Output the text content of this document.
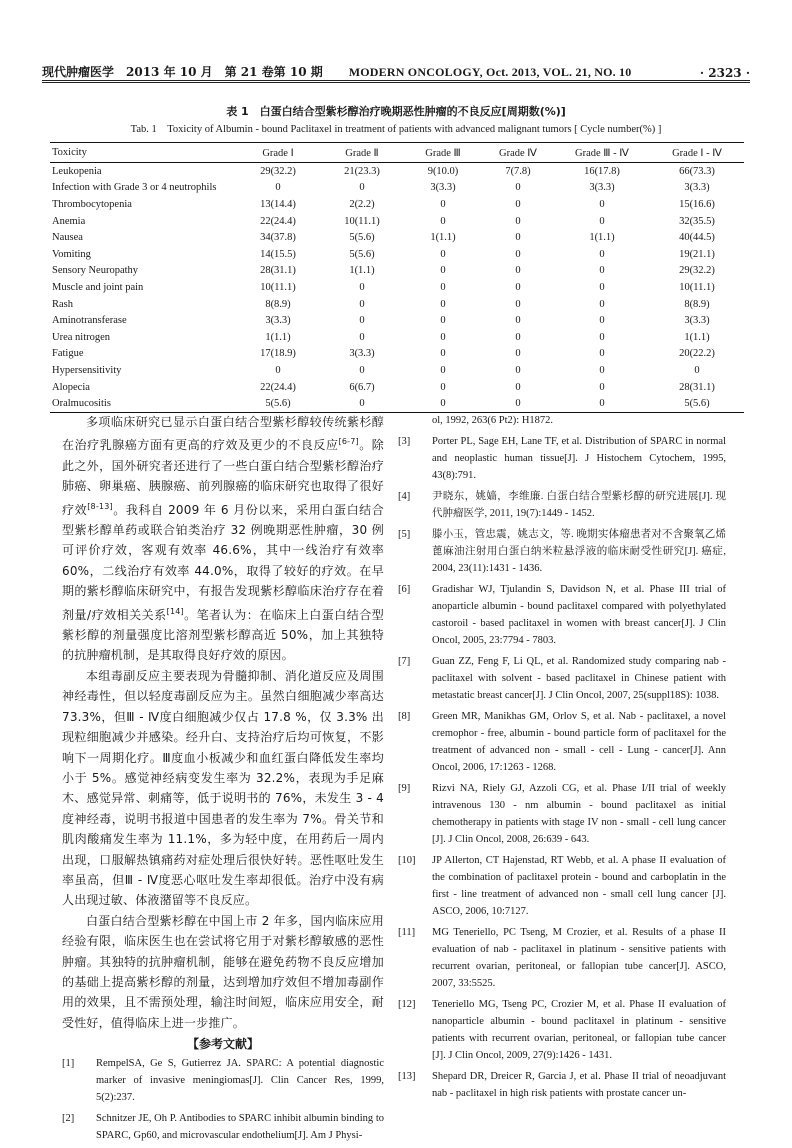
现代肿瘤医学　2013 年 10 月　第 21 卷第 10 期 MODERN ONCOLOGY, Oct. 2013, VOL. 21, NO. 10	· 2323 ·
表 1　白蛋白结合型紫杉醇治疗晚期恶性肿瘤的不良反应[周期数(%)]
Tab. 1　Toxicity of Albumin - bound Paclitaxel in treatment of patients with advanced malignant tumors [ Cycle number(%) ]
Toxicity	Grade Ⅰ	Grade Ⅱ	Grade Ⅲ	Grade Ⅳ	Grade Ⅲ - Ⅳ	Grade Ⅰ - Ⅳ
Leukopenia	29(32.2)	21(23.3)	9(10.0)	7(7.8)	16(17.8)	66(73.3)
Infection with Grade 3 or 4 neutrophils	0	0	3(3.3)	0	3(3.3)	3(3.3)
Thrombocytopenia	13(14.4)	2(2.2)	0	0	0	15(16.6)
Anemia	22(24.4)	10(11.1)	0	0	0	32(35.5)
Nausea	34(37.8)	5(5.6)	1(1.1)	0	1(1.1)	40(44.5)
Vomiting	14(15.5)	5(5.6)	0	0	0	19(21.1)
Sensory Neuropathy	28(31.1)	1(1.1)	0	0	0	29(32.2)
Muscle and joint pain	10(11.1)	0	0	0	0	10(11.1)
Rash	8(8.9)	0	0	0	0	8(8.9)
Aminotransferase	3(3.3)	0	0	0	0	3(3.3)
Urea nitrogen	1(1.1)	0	0	0	0	1(1.1)
Fatigue	17(18.9)	3(3.3)	0	0	0	20(22.2)
Hypersensitivity	0	0	0	0	0	0
Alopecia	22(24.4)	6(6.7)	0	0	0	28(31.1)
Oralmucositis	5(5.6)	0	0	0	0	5(5.6)

多项临床研究已显示白蛋白结合型紫杉醇较传统紫杉醇在治疗乳腺癌方面有更高的疗效及更少的不良反应[6-7]。除此之外，国外研究者还进行了一些白蛋白结合型紫杉醇治疗肺癌、卵巢癌、胰腺癌、前列腺癌的临床研究也取得了很好疗效[8-13]。我科自 2009 年 6 月份以来，采用白蛋白结合型紫杉醇单药或联合铂类治疗 32 例晚期恶性肿瘤，30 例可评价疗效，客观有效率 46.6%，其中一线治疗有效率 60%，二线治疗有效率 44.0%，取得了较好的疗效。在早期的紫杉醇临床研究中，有报告发现紫杉醇临床治疗存在着剂量/疗效相关关系[14]。笔者认为：在临床上白蛋白结合型紫杉醇的剂量强度比溶剂型紫杉醇高近 50%，加上其独特的抗肿瘤机制，是其取得良好疗效的原因。

本组毒副反应主要表现为骨髓抑制、消化道反应及周围神经毒性，但以轻度毒副反应为主。虽然白细胞减少率高达 73.3%，但Ⅲ - Ⅳ度白细胞减少仅占 17.8 %，仅 3.3% 出现粒细胞减少并感染。经升白、支持治疗后均可恢复，不影响下一周期化疗。Ⅲ度血小板减少和血红蛋白降低发生率均小于 5%。感觉神经病变发生率为 32.2%，表现为手足麻木、感觉异常、刺痛等，低于说明书的 76%，未发生 3 - 4 度神经毒，说明书报道中国患者的发生率为 7%。骨关节和肌肉酸痛发生率为 11.1%，多为轻中度，在用药后一周内出现，口服解热镇痛药对症处理后很快好转。恶性呕吐发生率虽高，但Ⅲ - Ⅳ度恶心呕吐发生率却很低。治疗中没有病人出现过敏、体液潴留等不良反应。

白蛋白结合型紫杉醇在中国上市 2 年多，国内临床应用经验有限，临床医生也在尝试将它用于对紫杉醇敏感的恶性肿瘤。其独特的抗肿瘤机制，能够在避免药物不良反应增加的基础上提高紫杉醇的剂量，达到增加疗效但不增加毒副作用的效果，且不需预处理，输注时间短，临床应用安全，耐受性好，值得临床上进一步推广。

【参考文献】
[1]	RempelSA, Ge S, Gutierrez JA. SPARC: A potential diagnostic marker of invasive meningiomas[J]. Clin Cancer Res, 1999, 5(2):237.
[2]	Schnitzer JE, Oh P. Antibodies to SPARC inhibit albumin binding to SPARC, Gp60, and microvascular endothelium[J]. Am J Physi-
ol, 1992, 263(6 Pt2): H1872.
[3]	Porter PL, Sage EH, Lane TF, et al. Distribution of SPARC in normal and neoplastic human tissue[J]. J Histochem Cytochem, 1995, 43(8):791.
[4]	尹晓东，姚嫱，李维廉. 白蛋白结合型紫杉醇的研究进展[J]. 现代肿瘤医学, 2011, 19(7):1449 - 1452.
[5]	滕小玉，管忠震，姚志文，等. 晚期实体瘤患者对不含聚氧乙烯蓖麻油注射用白蛋白纳米粒悬浮液的临床耐受性研究[J]. 癌症, 2004, 23(11):1431 - 1436.
[6]	Gradishar WJ, Tjulandin S, Davidson N, et al. Phase III trial of anoparticle albumin - bound paclitaxel compared with polyethylated castoroil - based paclitaxel in women with breast cancer[J]. J Clin Oncol, 2005, 23:7794 - 7803.
[7]	Guan ZZ, Feng F, Li QL, et al. Randomized study comparing nab - paclitaxel with solvent - based paclitaxel in Chinese patient with metastatic breast cancer[J]. J Clin Oncol, 2007, 25(suppl18S): 1038.
[8]	Green MR, Manikhas GM, Orlov S, et al. Nab - paclitaxel, a novel cremophor - free, albumin - bound particle form of paclitaxel for the treatment of advanced non - small - cell - Lung - cancer[J]. Ann Oncol, 2006, 17:1263 - 1268.
[9]	Rizvi NA, Riely GJ, Azzoli CG, et al. Phase I/II trial of weekly intravenous 130 - nm albumin - bound paclitaxel as initial chemotherapy in patients with stage IV non - small - cell lung cancer [J]. J Clin Oncol, 2008, 26:639 - 643.
[10]	JP Allerton, CT Hajenstad, RT Webb, et al. A phase II evaluation of the combination of paclitaxel protein - bound and carboplatin in the first - line treatment of advanced non - small cell lung cancer [J]. ASCO, 2006, 10:7127.
[11]	MG Teneriello, PC Tseng, M Crozier, et al. Results of a phase II evaluation of nab - paclitaxel in platinum - sensitive patients with recurrent ovarian, peritoneal, or fallopian tube cancer[J]. ASCO, 2007, 33:5525.
[12]	Teneriello MG, Tseng PC, Crozier M, et al. Phase II evaluation of nanoparticle albumin - bound paclitaxel in platinum - sensitive patients with recurrent ovarian, peritoneal, or fallopian tube cancer [J]. J Clin Oncol, 2009, 27(9):1426 - 1431.
[13]	Shepard DR, Dreicer R, Garcia J, et al. Phase II trial of neoadjuvant nab - paclitaxel in high risk patients with prostate cancer un-
